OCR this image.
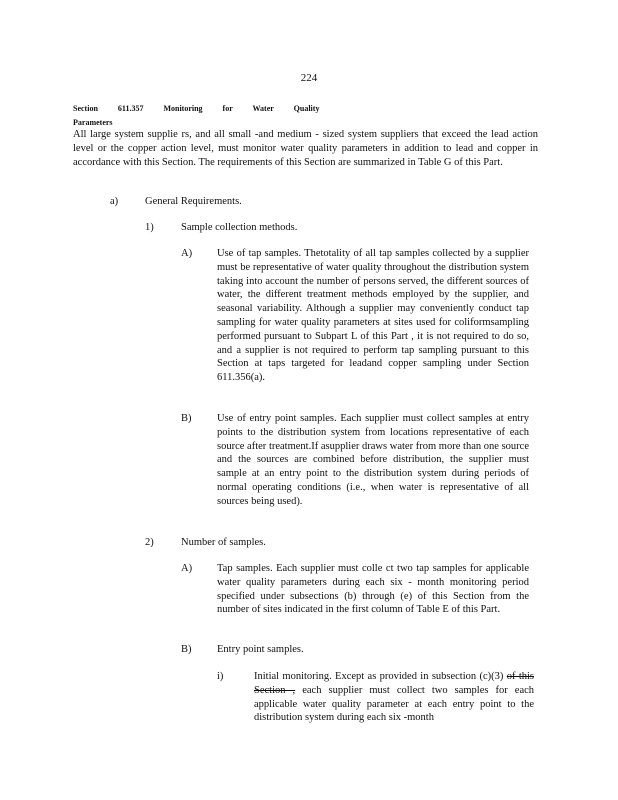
224
Section 611.357 Monitoring for Water Quality Parameters
All large system supplie rs, and all small -and medium - sized system suppliers that exceed the lead action level or the copper action level, must monitor water quality parameters in addition to lead and copper in accordance with this Section. The requirements of this Section are summarized in Table G of this Part.
a)	General Requirements.
1)	Sample collection methods.
A) Use of tap samples. Thetotality of all tap samples collected by a supplier must be representative of water quality throughout the distribution system taking into account the number of persons served, the different sources of water, the different treatment methods employed by the supplier, and seasonal variability. Although a supplier may conveniently conduct tap sampling for water quality parameters at sites used for coliformsampling performed pursuant to Subpart L of this Part , it is not required to do so, and a supplier is not required to perform tap sampling pursuant to this Section at taps targeted for leadand copper sampling under Section 611.356(a).
B) Use of entry point samples. Each supplier must collect samples at entry points to the distribution system from locations representative of each source after treatment.If asupplier draws water from more than one source and the sources are combined before distribution, the supplier must sample at an entry point to the distribution system during periods of normal operating conditions (i.e., when water is representative of all sources being used).
2)	Number of samples.
A) Tap samples. Each supplier must colle ct two tap samples for applicable water quality parameters during each six - month monitoring period specified under subsections (b) through (e) of this Section from the number of sites indicated in the first column of Table E of this Part.
B) Entry point samples.
i)	Initial monitoring. Except as provided in subsection (c)(3) of this Section , each supplier must collect two samples for each applicable water quality parameter at each entry point to the distribution system during each six -month
